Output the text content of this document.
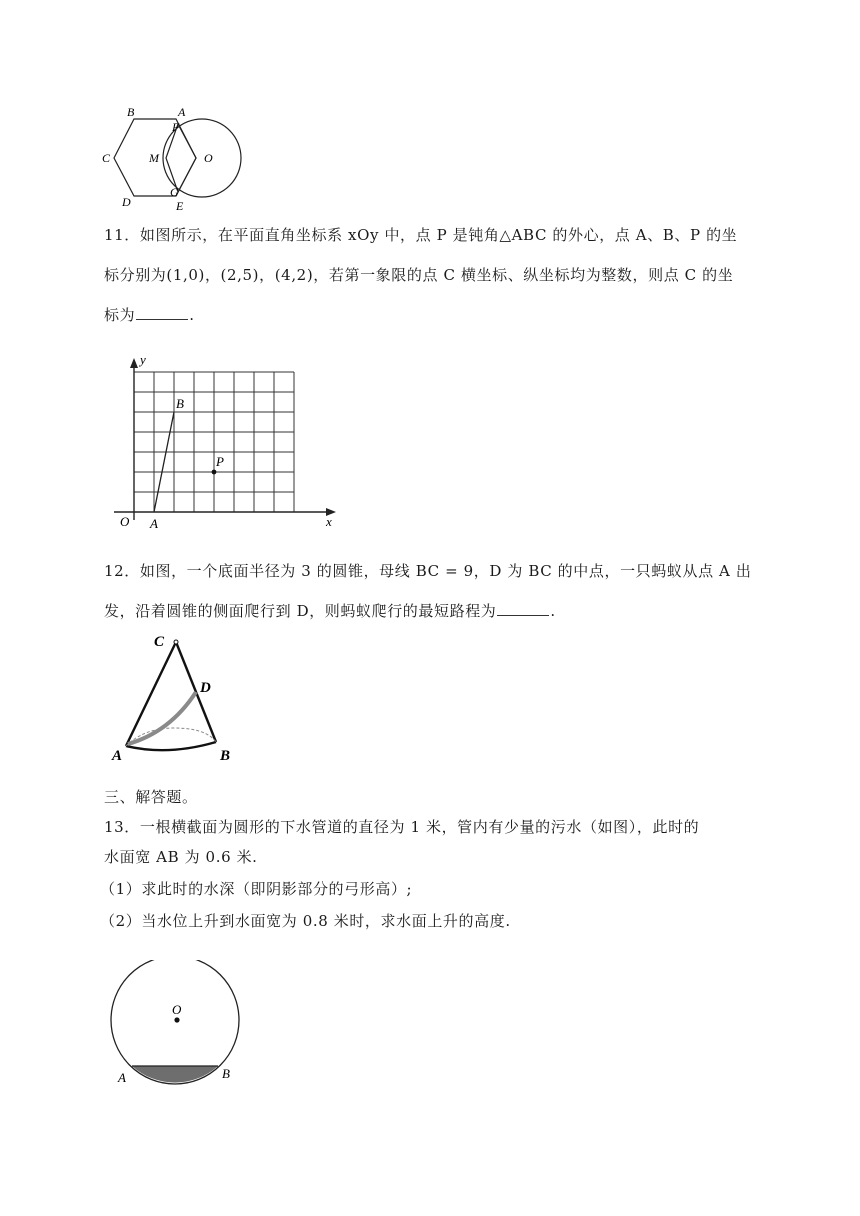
B	A
F
C	M	O
G
D	E
11．如图所示，在平面直角坐标系 xOy 中，点 P 是钝角△ABC 的外心，点 A、B、P 的坐
标分别为(1,0)，(2,5)，(4,2)，若第一象限的点 C 横坐标、纵坐标均为整数，则点 C 的坐
标为	.
y
x
O A
B
P
12．如图，一个底面半径为 3 的圆锥，母线 BC = 9，D 为 BC 的中点，一只蚂蚁从点 A 出
发，沿着圆锥的侧面爬行到 D，则蚂蚁爬行的最短路程为	.
C
D
A	B
三、解答题。
13．一根横截面为圆形的下水管道的直径为 1 米，管内有少量的污水（如图），此时的
水面宽 AB 为 0.6 米.
（1）求此时的水深（即阴影部分的弓形高）;
（2）当水位上升到水面宽为 0.8 米时，求水面上升的高度.
O
A	B
